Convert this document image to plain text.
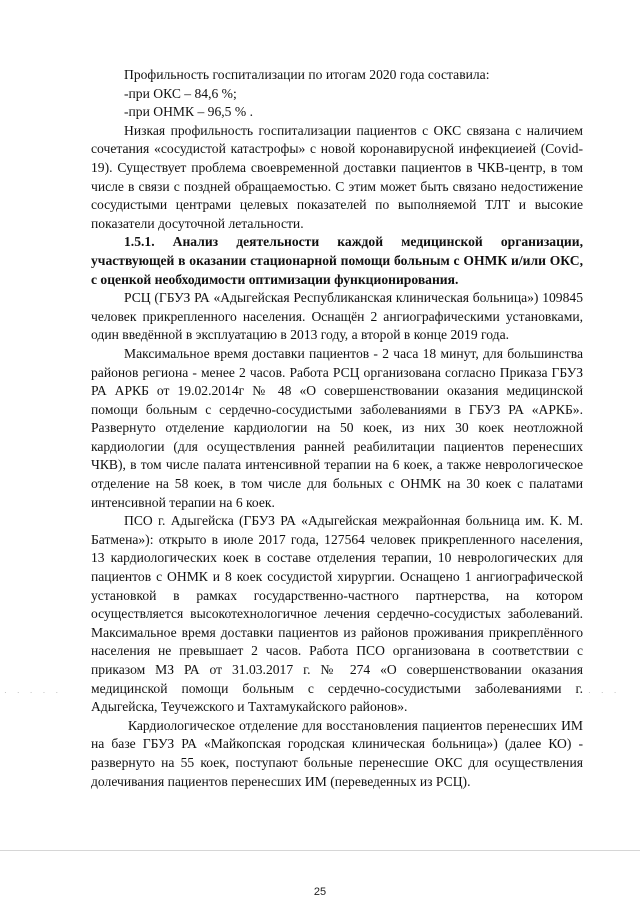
Профильность госпитализации по итогам 2020 года составила:

-при ОКС – 84,6 %;

-при ОНМК – 96,5 % .

Низкая профильность госпитализации пациентов с ОКС связана с наличием сочетания «сосудистой катастрофы» с новой коронавирусной инфекциеией (Covid-19). Существует проблема своевременной доставки пациентов в ЧКВ-центр, в том числе в связи с поздней обращаемостью. С этим может быть связано недостижение сосудистыми центрами целевых показателей по выполняемой ТЛТ и высокие показатели досуточной летальности.

1.5.1. Анализ деятельности каждой медицинской организации, участвующей в оказании стационарной помощи больным с ОНМК и/или ОКС, с оценкой необходимости оптимизации функционирования.

РСЦ (ГБУЗ РА «Адыгейская Республиканская клиническая больница») 109845 человек прикрепленного населения. Оснащён 2 ангиографическими установками, один введённой в эксплуатацию в 2013 году, а второй в конце 2019 года.

Максимальное время доставки пациентов - 2 часа 18 минут, для большинства районов региона - менее 2 часов. Работа РСЦ организована согласно Приказа ГБУЗ РА АРКБ от 19.02.2014г № 48 «О совершенствовании оказания медицинской помощи больным с сердечно-сосудистыми заболеваниями в ГБУЗ РА «АРКБ». Развернуто отделение кардиологии на 50 коек, из них 30 коек неотложной кардиологии (для осуществления ранней реабилитации пациентов перенесших ЧКВ), в том числе палата интенсивной терапии на 6 коек, а также неврологическое отделение на 58 коек, в том числе для больных с ОНМК на 30 коек с палатами интенсивной терапии на 6 коек.

ПСО г. Адыгейска (ГБУЗ РА «Адыгейская межрайонная больница им. К. М. Батмена»): открыто в июле 2017 года, 127564 человек прикрепленного населения, 13 кардиологических коек в составе отделения терапии, 10 неврологических для пациентов с ОНМК и 8 коек сосудистой хирургии. Оснащено 1 ангиографической установкой в рамках государственно-частного партнерства, на котором осуществляется высокотехнологичное лечения сердечно-сосудистых заболеваний. Максимальное время доставки пациентов из районов проживания прикреплённого населения не превышает 2 часов. Работа ПСО организована в соответствии с приказом МЗ РА от 31.03.2017 г. № 274 «О совершенствовании оказания медицинской помощи больным с сердечно-сосудистыми заболеваниями г. Адыгейска, Теучежского и Тахтамукайского районов».

Кардиологическое отделение для восстановления пациентов перенесших ИМ на базе ГБУЗ РА «Майкопская городская клиническая больница») (далее КО) - развернуто на 55 коек, поступают больные перенесшие ОКС для осуществления долечивания пациентов перенесших ИМ (переведенных из РСЦ).

· · · · ·	· · ·
25
